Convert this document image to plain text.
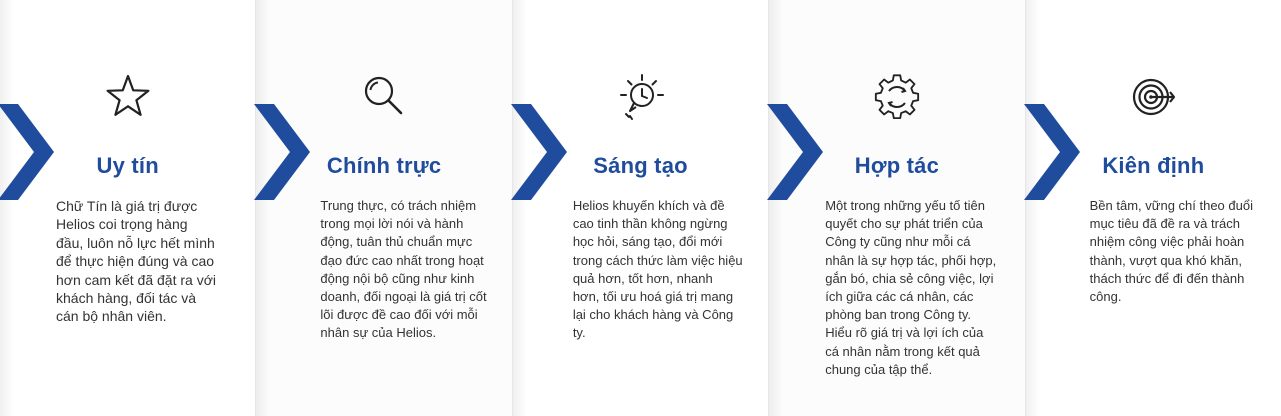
Uy tín
Chữ Tín là giá trị được Helios coi trọng hàng đầu, luôn nỗ lực hết mình để thực hiện đúng và cao hơn cam kết đã đặt ra với khách hàng, đối tác và cán bộ nhân viên.
Chính trực
Trung thực, có trách nhiệm trong mọi lời nói và hành động, tuân thủ chuẩn mực đạo đức cao nhất trong hoạt động nội bộ cũng như kinh doanh, đối ngoại là giá trị cốt lõi được đề cao đối với mỗi nhân sự của Helios.
Sáng tạo
Helios khuyến khích và đề cao tinh thần không ngừng học hỏi, sáng tạo, đổi mới trong cách thức làm việc hiệu quả hơn, tốt hơn, nhanh hơn, tối ưu hoá giá trị mang lại cho khách hàng và Công ty.
Hợp tác
Một trong những yếu tố tiên quyết cho sự phát triển của Công ty cũng như mỗi cá nhân là sự hợp tác, phối hợp, gắn bó, chia sẻ công việc, lợi ích giữa các cá nhân, các phòng ban trong Công ty. Hiểu rõ giá trị và lợi ích của cá nhân nằm trong kết quả chung của tập thể.
Kiên định
Bền tâm, vững chí theo đuổi mục tiêu đã đề ra và trách nhiệm công việc phải hoàn thành, vượt qua khó khăn, thách thức để đi đến thành công.
